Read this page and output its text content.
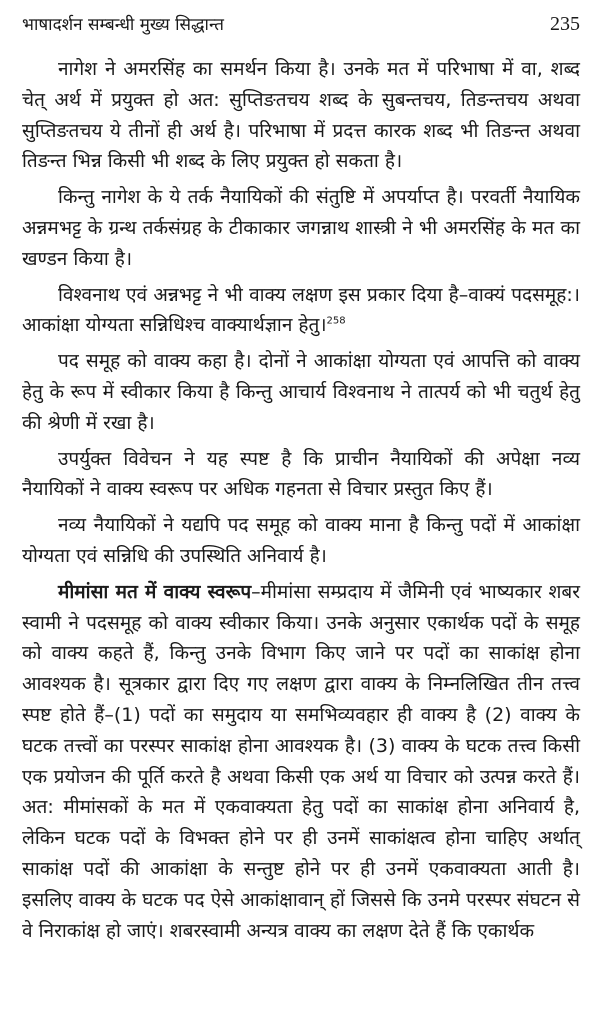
भाषादर्शन सम्बन्धी मुख्य सिद्धान्त	235

नागेश ने अमरसिंह का समर्थन किया है। उनके मत में परिभाषा में वा, शब्द चेत् अर्थ में प्रयुक्त हो अत: सुप्तिङतचय शब्द के सुबन्तचय, तिङन्तचय अथवा सुप्तिङतचय ये तीनों ही अर्थ है। परिभाषा में प्रदत्त कारक शब्द भी तिङन्त अथवा तिङन्त भिन्न किसी भी शब्द के लिए प्रयुक्त हो सकता है।

किन्तु नागेश के ये तर्क नैयायिकों की संतुष्टि में अपर्याप्त है। परवर्ती नैयायिक अन्नमभट्ट के ग्रन्थ तर्कसंग्रह के टीकाकार जगन्नाथ शास्त्री ने भी अमरसिंह के मत का खण्डन किया है।

विश्वनाथ एवं अन्नभट्ट ने भी वाक्य लक्षण इस प्रकार दिया है–वाक्यं पदसमूह:। आकांक्षा योग्यता सन्निधिश्च वाक्यार्थज्ञान हेतु।$^{258}$

पद समूह को वाक्य कहा है। दोनों ने आकांक्षा योग्यता एवं आपत्ति को वाक्य हेतु के रूप में स्वीकार किया है किन्तु आचार्य विश्वनाथ ने तात्पर्य को भी चतुर्थ हेतु की श्रेणी में रखा है।

उपर्युक्त विवेचन ने यह स्पष्ट है कि प्राचीन नैयायिकों की अपेक्षा नव्य नैयायिकों ने वाक्य स्वरूप पर अधिक गहनता से विचार प्रस्तुत किए हैं।

नव्य नैयायिकों ने यद्यपि पद समूह को वाक्य माना है किन्तु पदों में आकांक्षा योग्यता एवं सन्निधि की उपस्थिति अनिवार्य है।

मीमांसा मत में वाक्य स्वरूप–मीमांसा सम्प्रदाय में जैमिनी एवं भाष्यकार शबर स्वामी ने पदसमूह को वाक्य स्वीकार किया। उनके अनुसार एकार्थक पदों के समूह को वाक्य कहते हैं, किन्तु उनके विभाग किए जाने पर पदों का साकांक्ष होना आवश्यक है। सूत्रकार द्वारा दिए गए लक्षण द्वारा वाक्य के निम्नलिखित तीन तत्त्व स्पष्ट होते हैं–(1) पदों का समुदाय या समभिव्यवहार ही वाक्य है (2) वाक्य के घटक तत्त्वों का परस्पर साकांक्ष होना आवश्यक है। (3) वाक्य के घटक तत्त्व किसी एक प्रयोजन की पूर्ति करते है अथवा किसी एक अर्थ या विचार को उत्पन्न करते हैं। अत: मीमांसकों के मत में एकवाक्यता हेतु पदों का साकांक्ष होना अनिवार्य है, लेकिन घटक पदों के विभक्त होने पर ही उनमें साकांक्षत्व होना चाहिए अर्थात् साकांक्ष पदों की आकांक्षा के सन्तुष्ट होने पर ही उनमें एकवाक्यता आती है। इसलिए वाक्य के घटक पद ऐसे आकांक्षावान् हों जिससे कि उनमे परस्पर संघटन से वे निराकांक्ष हो जाएं। शबरस्वामी अन्यत्र वाक्य का लक्षण देते हैं कि एकार्थक
